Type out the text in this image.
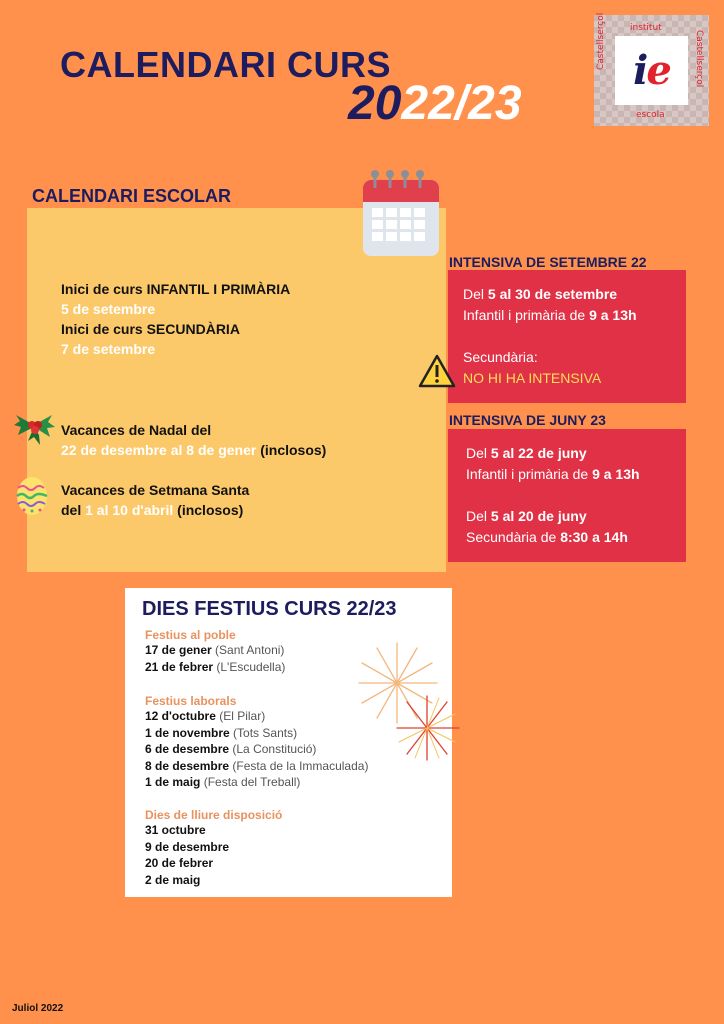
CALENDARI CURS
2022/23
institut
escola
Castellserçol	Castellserçol
i e
CALENDARI ESCOLAR
Inici de curs INFANTIL I PRIMÀRIA
5 de setembre
Inici de curs SECUNDÀRIA
7 de setembre
Vacances de Nadal del
22 de desembre al 8 de gener (inclosos)
Vacances de Setmana Santa
del 1 al 10 d'abril (inclosos)
INTENSIVA DE SETEMBRE 22
Del 5 al 30 de setembre
Infantil i primària de 9 a 13h
Secundària:
NO HI HA INTENSIVA
INTENSIVA DE JUNY 23
Del 5 al 22 de juny
Infantil i primària de 9 a 13h
Del 5 al 20 de juny
Secundària de 8:30 a 14h
DIES FESTIUS CURS 22/23
Festius al poble
17 de gener (Sant Antoni)
21 de febrer (L'Escudella)
Festius laborals
12 d'octubre (El Pilar)
1 de novembre (Tots Sants)
6 de desembre (La Constitució)
8 de desembre (Festa de la Immaculada)
1 de maig (Festa del Treball)
Dies de lliure disposició
31 octubre
9 de desembre
20 de febrer
2 de maig
Juliol 2022
